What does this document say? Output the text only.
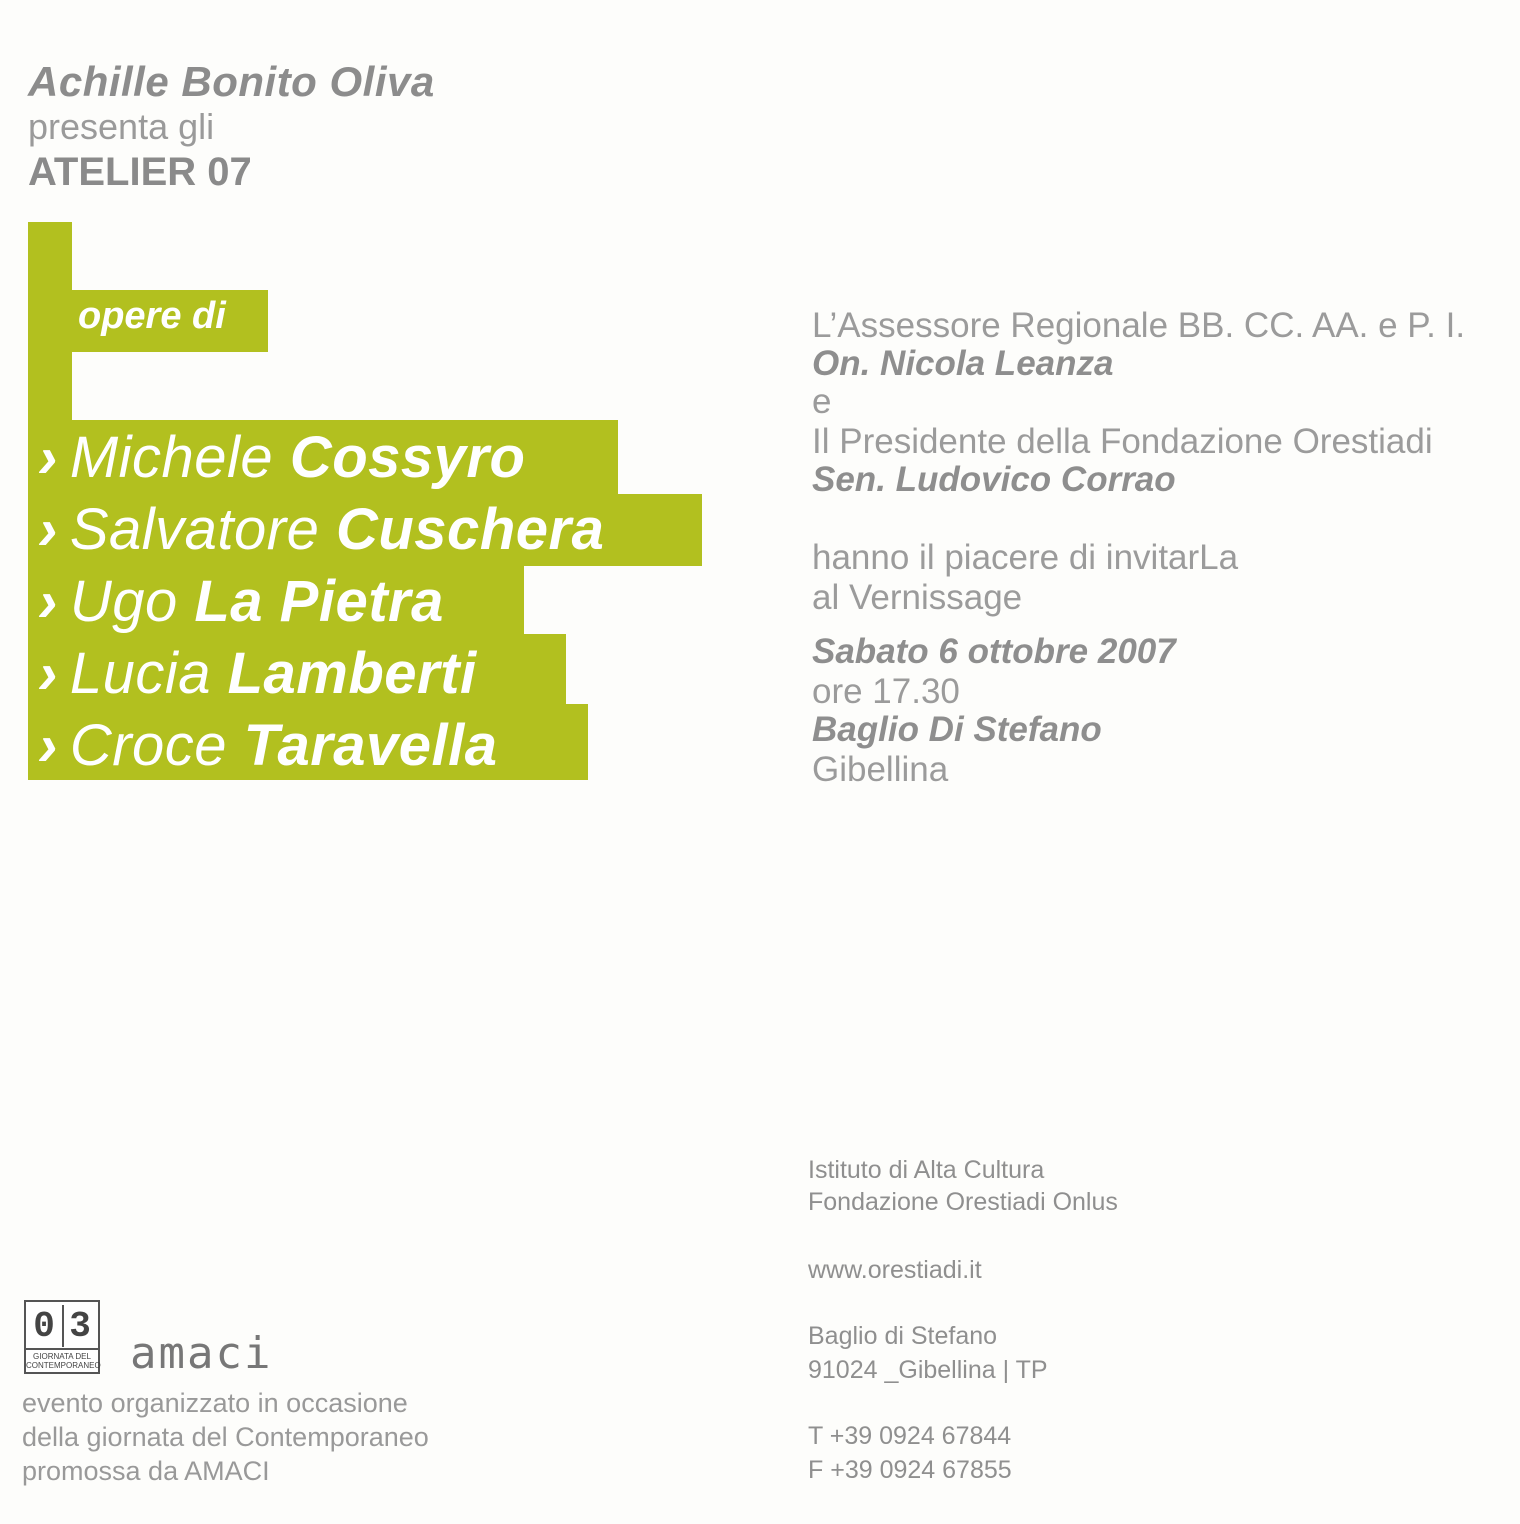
Achille Bonito Oliva
presenta gli
ATELIER 07
opere di
› Michele Cossyro
› Salvatore Cuschera
› Ugo La Pietra
› Lucia Lamberti
› Croce Taravella
L’Assessore Regionale BB. CC. AA. e P. I.
On. Nicola Leanza
e
Il Presidente della Fondazione Orestiadi
Sen. Ludovico Corrao
hanno il piacere di invitarLa
al Vernissage
Sabato 6 ottobre 2007
ore 17.30
Baglio Di Stefano
Gibellina
Istituto di Alta Cultura
Fondazione Orestiadi Onlus
www.orestiadi.it
Baglio di Stefano
91024 _Gibellina | TP
T +39 0924 67844
F +39 0924 67855
0 3
GIORNATA DEL
CONTEMPORANEO amaci
evento organizzato in occasione
della giornata del Contemporaneo
promossa da AMACI
